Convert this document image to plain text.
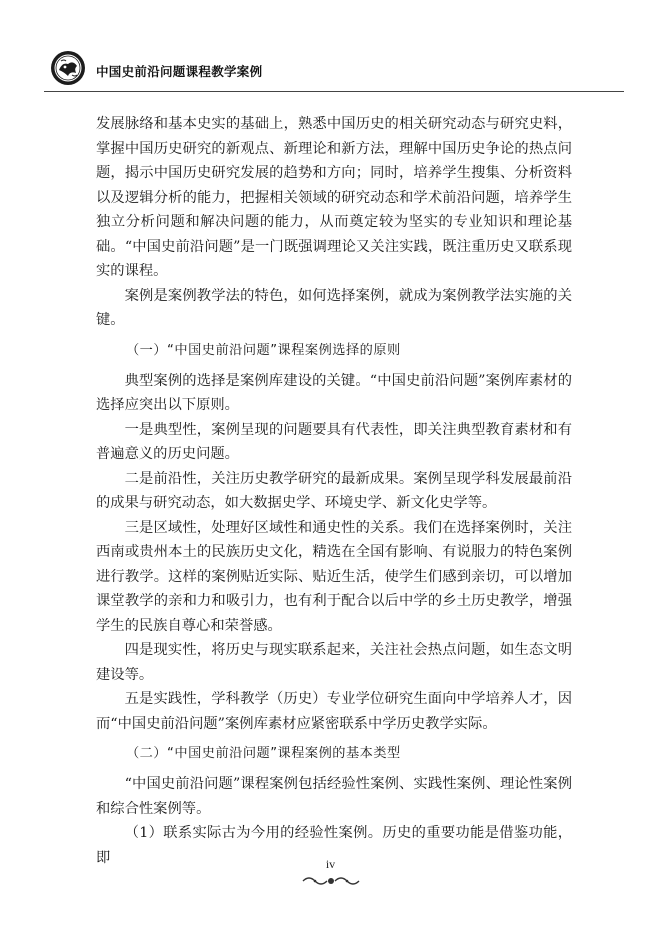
中国史前沿问题课程教学案例

发展脉络和基本史实的基础上，熟悉中国历史的相关研究动态与研究史料，掌握中国历史研究的新观点、新理论和新方法，理解中国历史争论的热点问题，揭示中国历史研究发展的趋势和方向；同时，培养学生搜集、分析资料以及逻辑分析的能力，把握相关领域的研究动态和学术前沿问题，培养学生独立分析问题和解决问题的能力，从而奠定较为坚实的专业知识和理论基础。“中国史前沿问题”是一门既强调理论又关注实践，既注重历史又联系现实的课程。

案例是案例教学法的特色，如何选择案例，就成为案例教学法实施的关键。

（一）“中国史前沿问题”课程案例选择的原则

典型案例的选择是案例库建设的关键。“中国史前沿问题”案例库素材的选择应突出以下原则。

一是典型性，案例呈现的问题要具有代表性，即关注典型教育素材和有普遍意义的历史问题。

二是前沿性，关注历史教学研究的最新成果。案例呈现学科发展最前沿的成果与研究动态，如大数据史学、环境史学、新文化史学等。

三是区域性，处理好区域性和通史性的关系。我们在选择案例时，关注西南或贵州本土的民族历史文化，精选在全国有影响、有说服力的特色案例进行教学。这样的案例贴近实际、贴近生活，使学生们感到亲切，可以增加课堂教学的亲和力和吸引力，也有利于配合以后中学的乡土历史教学，增强学生的民族自尊心和荣誉感。

四是现实性，将历史与现实联系起来，关注社会热点问题，如生态文明建设等。

五是实践性，学科教学（历史）专业学位研究生面向中学培养人才，因而“中国史前沿问题”案例库素材应紧密联系中学历史教学实际。

（二）“中国史前沿问题”课程案例的基本类型

“中国史前沿问题”课程案例包括经验性案例、实践性案例、理论性案例和综合性案例等。

（1）联系实际古为今用的经验性案例。历史的重要功能是借鉴功能，即	iv
